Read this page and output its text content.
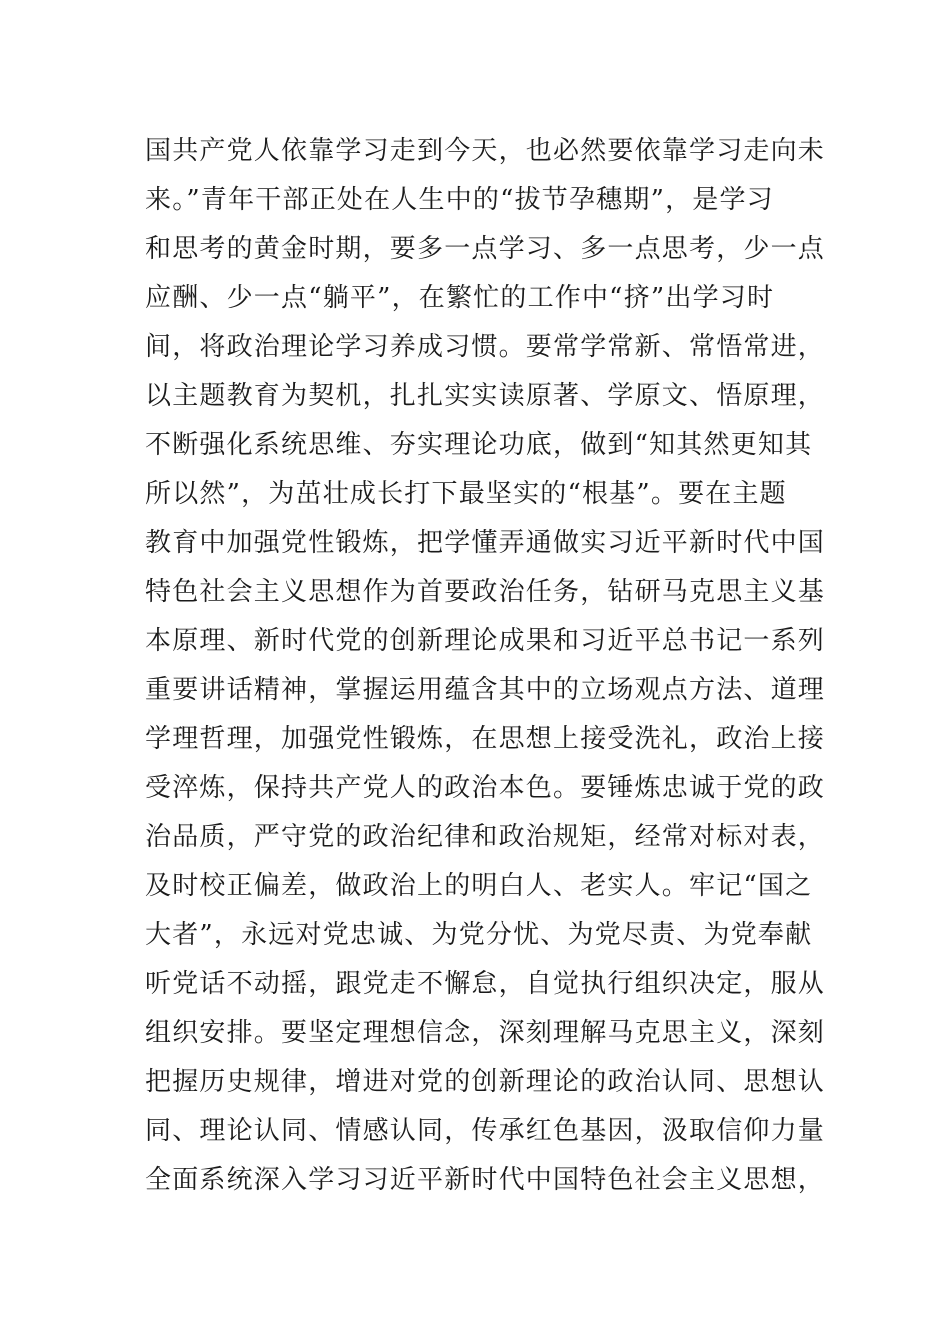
国共产党人依靠学习走到今天，也必然要依靠学习走向未
来。”青年干部正处在人生中的“拔节孕穗期”，是学习
和思考的黄金时期，要多一点学习、多一点思考，少一点
应酬、少一点“躺平”，在繁忙的工作中“挤”出学习时
间，将政治理论学习养成习惯。要常学常新、常悟常进，
以主题教育为契机，扎扎实实读原著、学原文、悟原理，
不断强化系统思维、夯实理论功底，做到“知其然更知其
所以然”，为茁壮成长打下最坚实的“根基”。要在主题
教育中加强党性锻炼，把学懂弄通做实习近平新时代中国
特色社会主义思想作为首要政治任务，钻研马克思主义基
本原理、新时代党的创新理论成果和习近平总书记一系列
重要讲话精神，掌握运用蕴含其中的立场观点方法、道理
学理哲理，加强党性锻炼，在思想上接受洗礼，政治上接
受淬炼，保持共产党人的政治本色。要锤炼忠诚于党的政
治品质，严守党的政治纪律和政治规矩，经常对标对表，
及时校正偏差，做政治上的明白人、老实人。牢记“国之
大者”，永远对党忠诚、为党分忧、为党尽责、为党奉献
听党话不动摇，跟党走不懈怠，自觉执行组织决定，服从
组织安排。要坚定理想信念，深刻理解马克思主义，深刻
把握历史规律，增进对党的创新理论的政治认同、思想认
同、理论认同、情感认同，传承红色基因，汲取信仰力量
全面系统深入学习习近平新时代中国特色社会主义思想，
